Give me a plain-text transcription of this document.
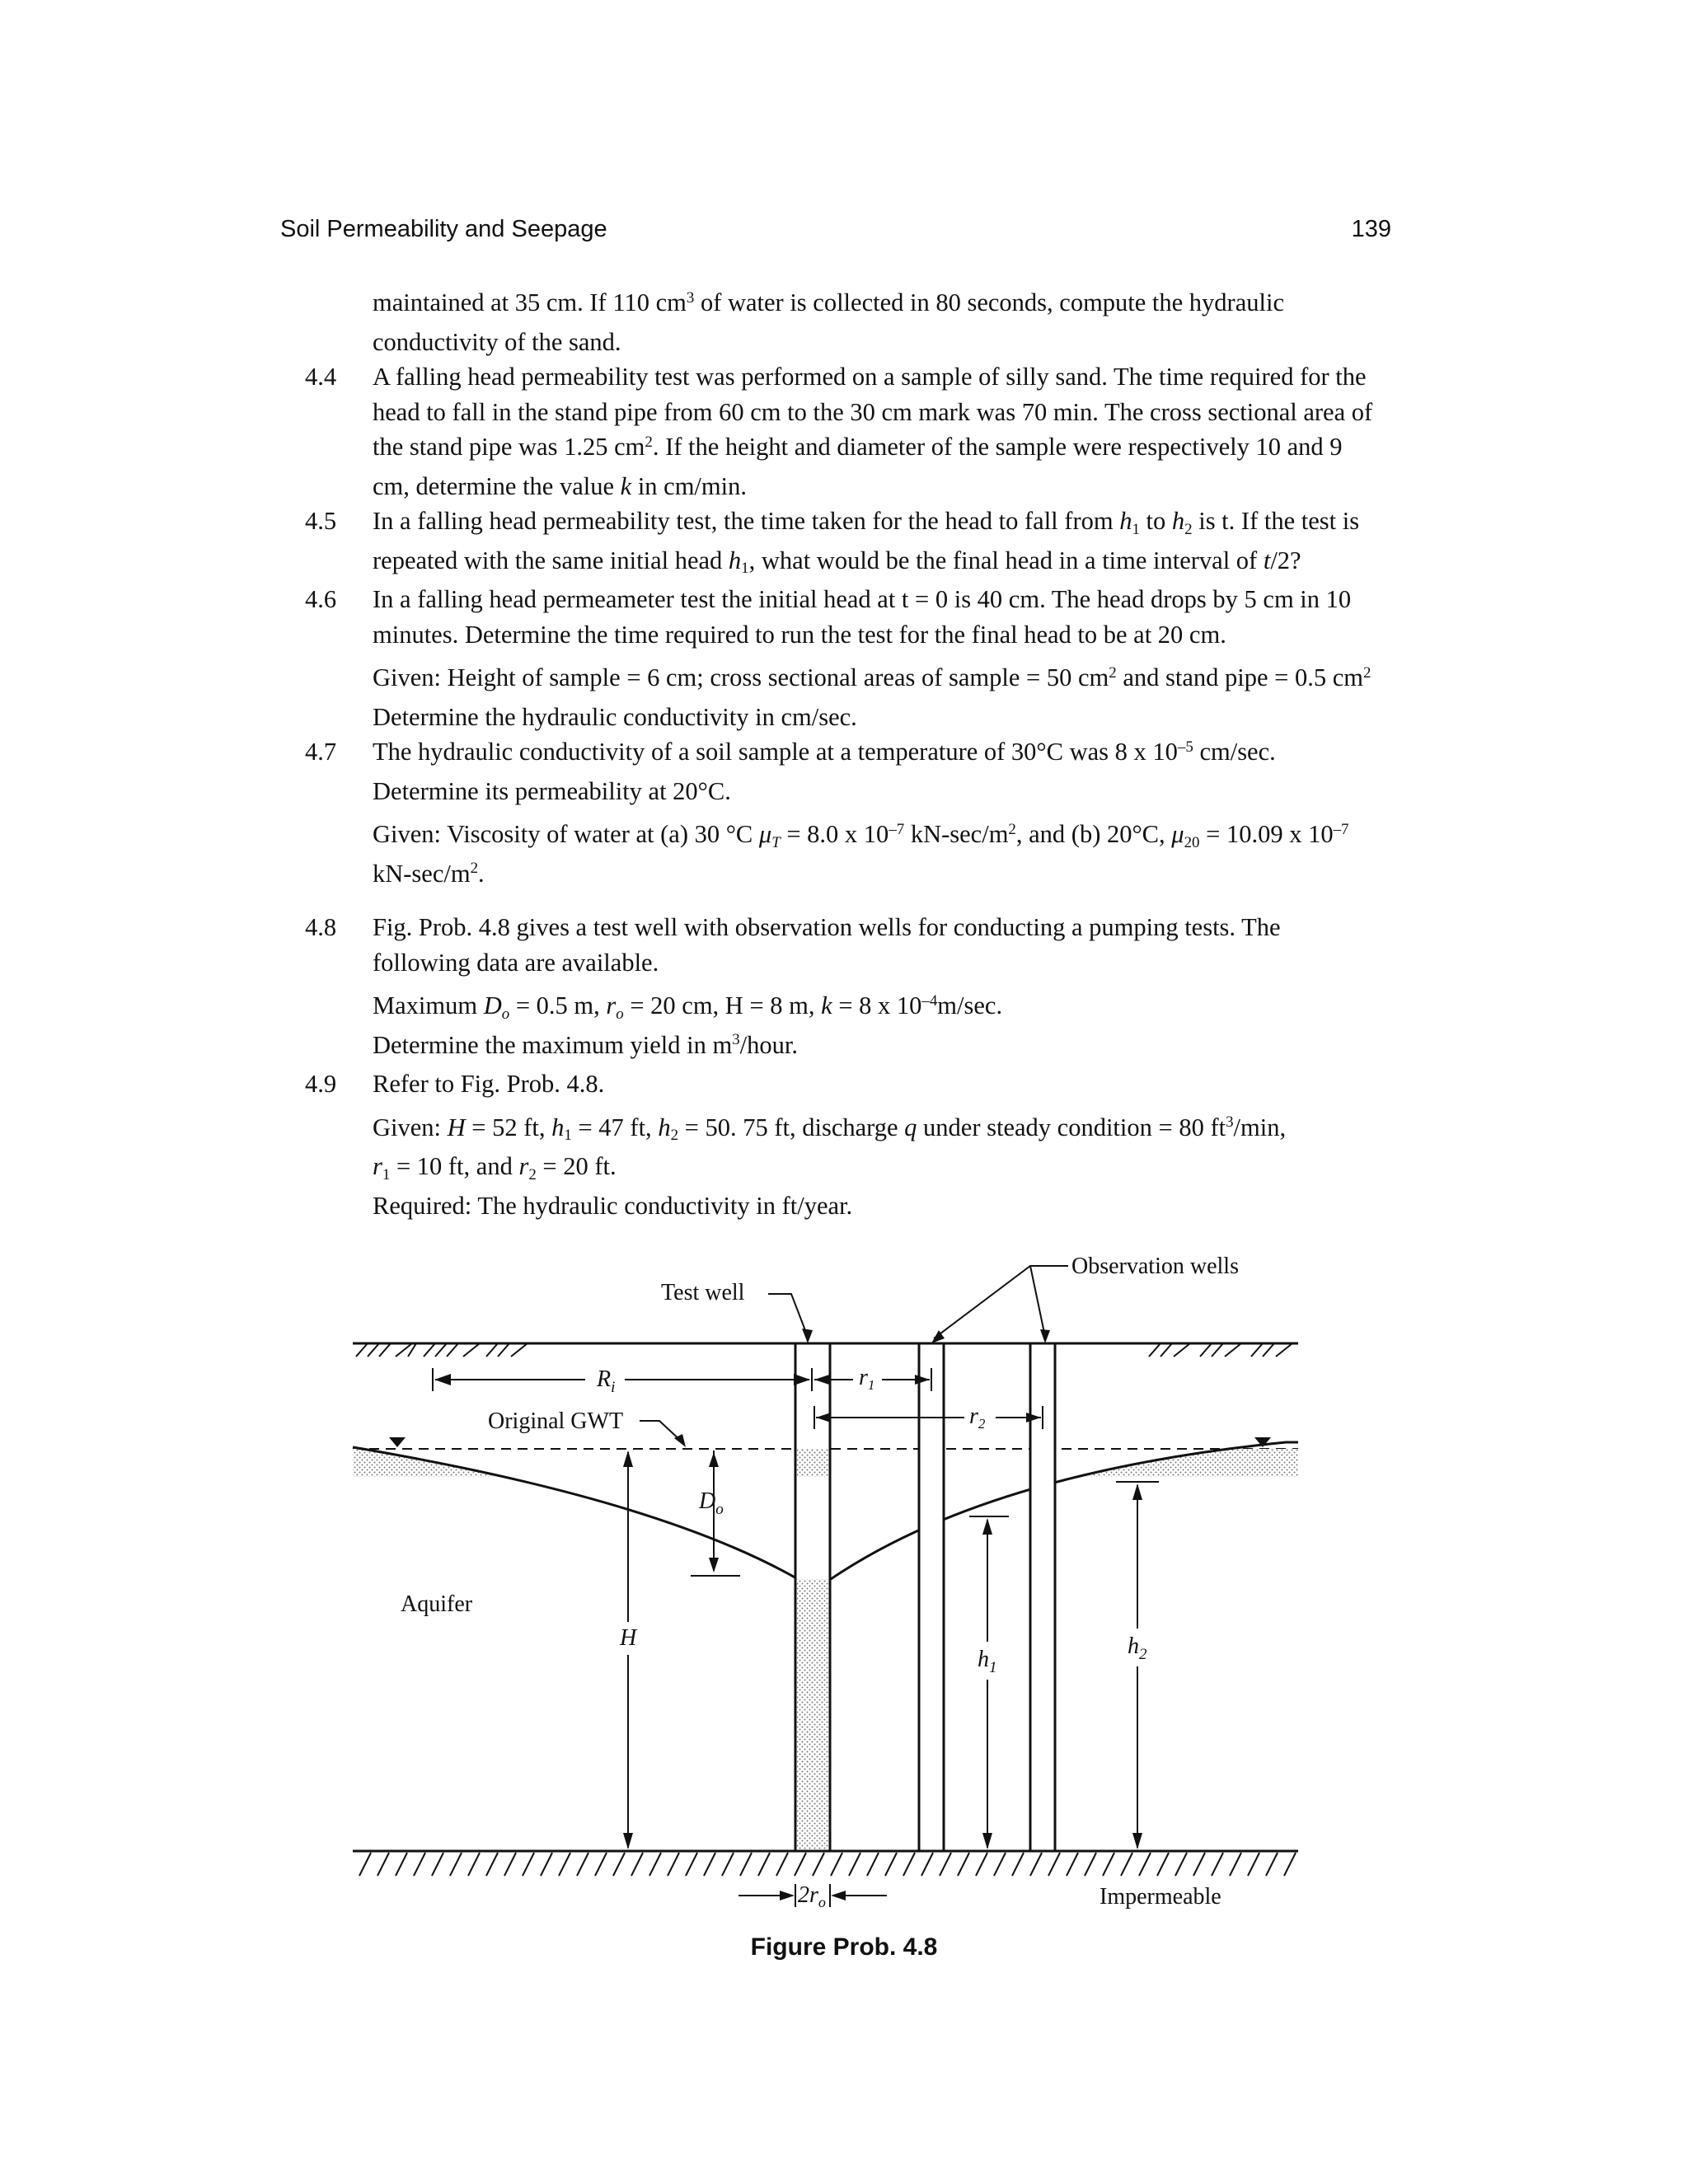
Soil Permeability and Seepage	139

maintained at 35 cm. If 110 $cm^3$ of water is collected in 80 seconds, compute the hydraulic
conductivity of the sand.

4.4 A falling head permeability test was performed on a sample of silly sand. The time required for the head to fall in the stand pipe from 60 cm to the 30 cm mark was 70 min. The cross sectional area of the stand pipe was 1.25 $cm^2$. If the height and diameter of the sample were respectively 10 and 9 cm, determine the value k in cm/min.

4.5 In a falling head permeability test, the time taken for the head to fall from $h_1$ to $h_2$ is t. If the test is repeated with the same initial head $h_1$, what would be the final head in a time interval of t/2?

4.6 In a falling head permeameter test the initial head at t = 0 is 40 cm. The head drops by 5 cm in 10 minutes. Determine the time required to run the test for the final head to be at 20 cm.

Given: Height of sample = 6 cm; cross sectional areas of sample = 50 $cm^2$ and stand pipe = 0.5 $cm^2$ Determine the hydraulic conductivity in cm/sec.

4.7 The hydraulic conductivity of a soil sample at a temperature of 30°C was 8 x $10^{-5}$ cm/sec. Determine its permeability at 20°C.

Given: Viscosity of water at (a) 30 °C $\mu_T = 8.0$ x $10^{-7}$ $kN-\sec/m^2$, and (b) 20°C, $\mu_{20} = 10.09$ x $10^{-7}$ $kN-\sec/m^2$.

4.8 Fig. Prob. 4.8 gives a test well with observation wells for conducting a pumping tests. The following data are available.

Maximum $D_o = 0.5$ m, $r_o = 20$ cm, H = 8 m, k = 8 x $10^{-4}m/\sec$.
Determine the maximum yield in $m^3$/hour.

4.9 Refer to Fig. Prob. 4.8.

Given: H = 52 ft, $h_1 = 47$ ft, $h_2 = 50$. 75 ft, discharge q under steady condition = 80 $ft^3/\min$,
$r_1 = 10$ ft, and $r_2 = 20$ ft.
Required: The hydraulic conductivity in ft/year.

Test well
Observation wells
$R_i$	$r_1$
$r_2$
Original GWT
H
$D_o$
$h_1$
$h_2$
Aquifer
$2r_o$	Impermeable
Figure Prob. 4.8
